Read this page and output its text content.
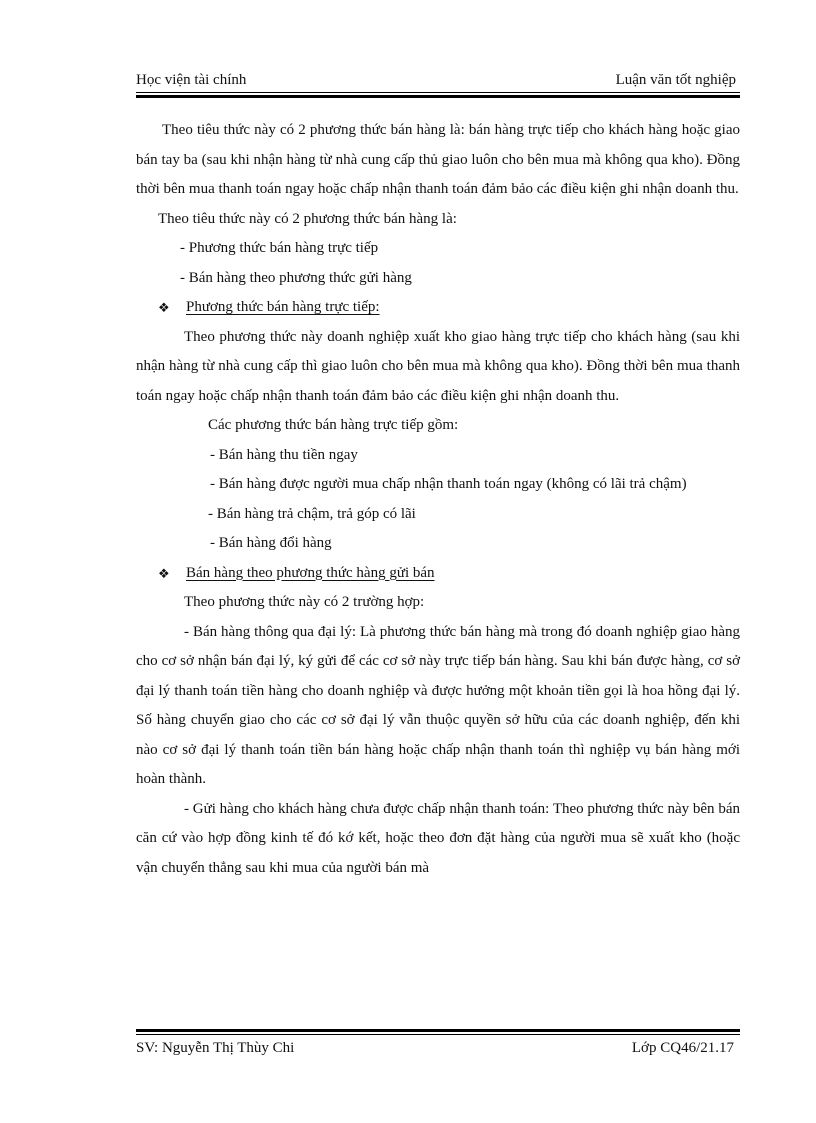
Học viện tài chính	Luận văn tốt nghiệp

Theo tiêu thức này có 2 phương thức bán hàng là: bán hàng trực tiếp cho khách hàng hoặc giao bán tay ba (sau khi nhận hàng từ nhà cung cấp thủ giao luôn cho bên mua mà không qua kho). Đồng thời bên mua thanh toán ngay hoặc chấp nhận thanh toán đảm bảo các điều kiện ghi nhận doanh thu.

Theo tiêu thức này có 2 phương thức bán hàng là:

- Phương thức bán hàng trực tiếp

- Bán hàng theo phương thức gửi hàng

❖ Phương thức bán hàng trực tiếp:

Theo phương thức này doanh nghiệp xuất kho giao hàng trực tiếp cho khách hàng (sau khi nhận hàng từ nhà cung cấp thì giao luôn cho bên mua mà không qua kho). Đồng thời bên mua thanh toán ngay hoặc chấp nhận thanh toán đảm bảo các điều kiện ghi nhận doanh thu.

Các phương thức bán hàng trực tiếp gồm:

- Bán hàng thu tiền ngay

- Bán hàng được người mua chấp nhận thanh toán ngay (không có lãi trả chậm)

- Bán hàng trả chậm, trả góp có lãi

- Bán hàng đổi hàng

❖ Bán hàng theo phương thức hàng gửi bán

Theo phương thức này có 2 trường hợp:

- Bán hàng thông qua đại lý: Là phương thức bán hàng mà trong đó doanh nghiệp giao hàng cho cơ sở nhận bán đại lý, ký gửi để các cơ sở này trực tiếp bán hàng. Sau khi bán được hàng, cơ sở đại lý thanh toán tiền hàng cho doanh nghiệp và được hưởng một khoản tiền gọi là hoa hồng đại lý. Số hàng chuyển giao cho các cơ sở đại lý vẫn thuộc quyền sở hữu của các doanh nghiệp, đến khi nào cơ sở đại lý thanh toán tiền bán hàng hoặc chấp nhận thanh toán thì nghiệp vụ bán hàng mới hoàn thành.

- Gửi hàng cho khách hàng chưa được chấp nhận thanh toán: Theo phương thức này bên bán căn cứ vào hợp đồng kinh tế đó kớ kết, hoặc theo đơn đặt hàng của người mua sẽ xuất kho (hoặc vận chuyển thẳng sau khi mua của người bán mà

SV: Nguyễn Thị Thùy Chi	Lớp CQ46/21.17
